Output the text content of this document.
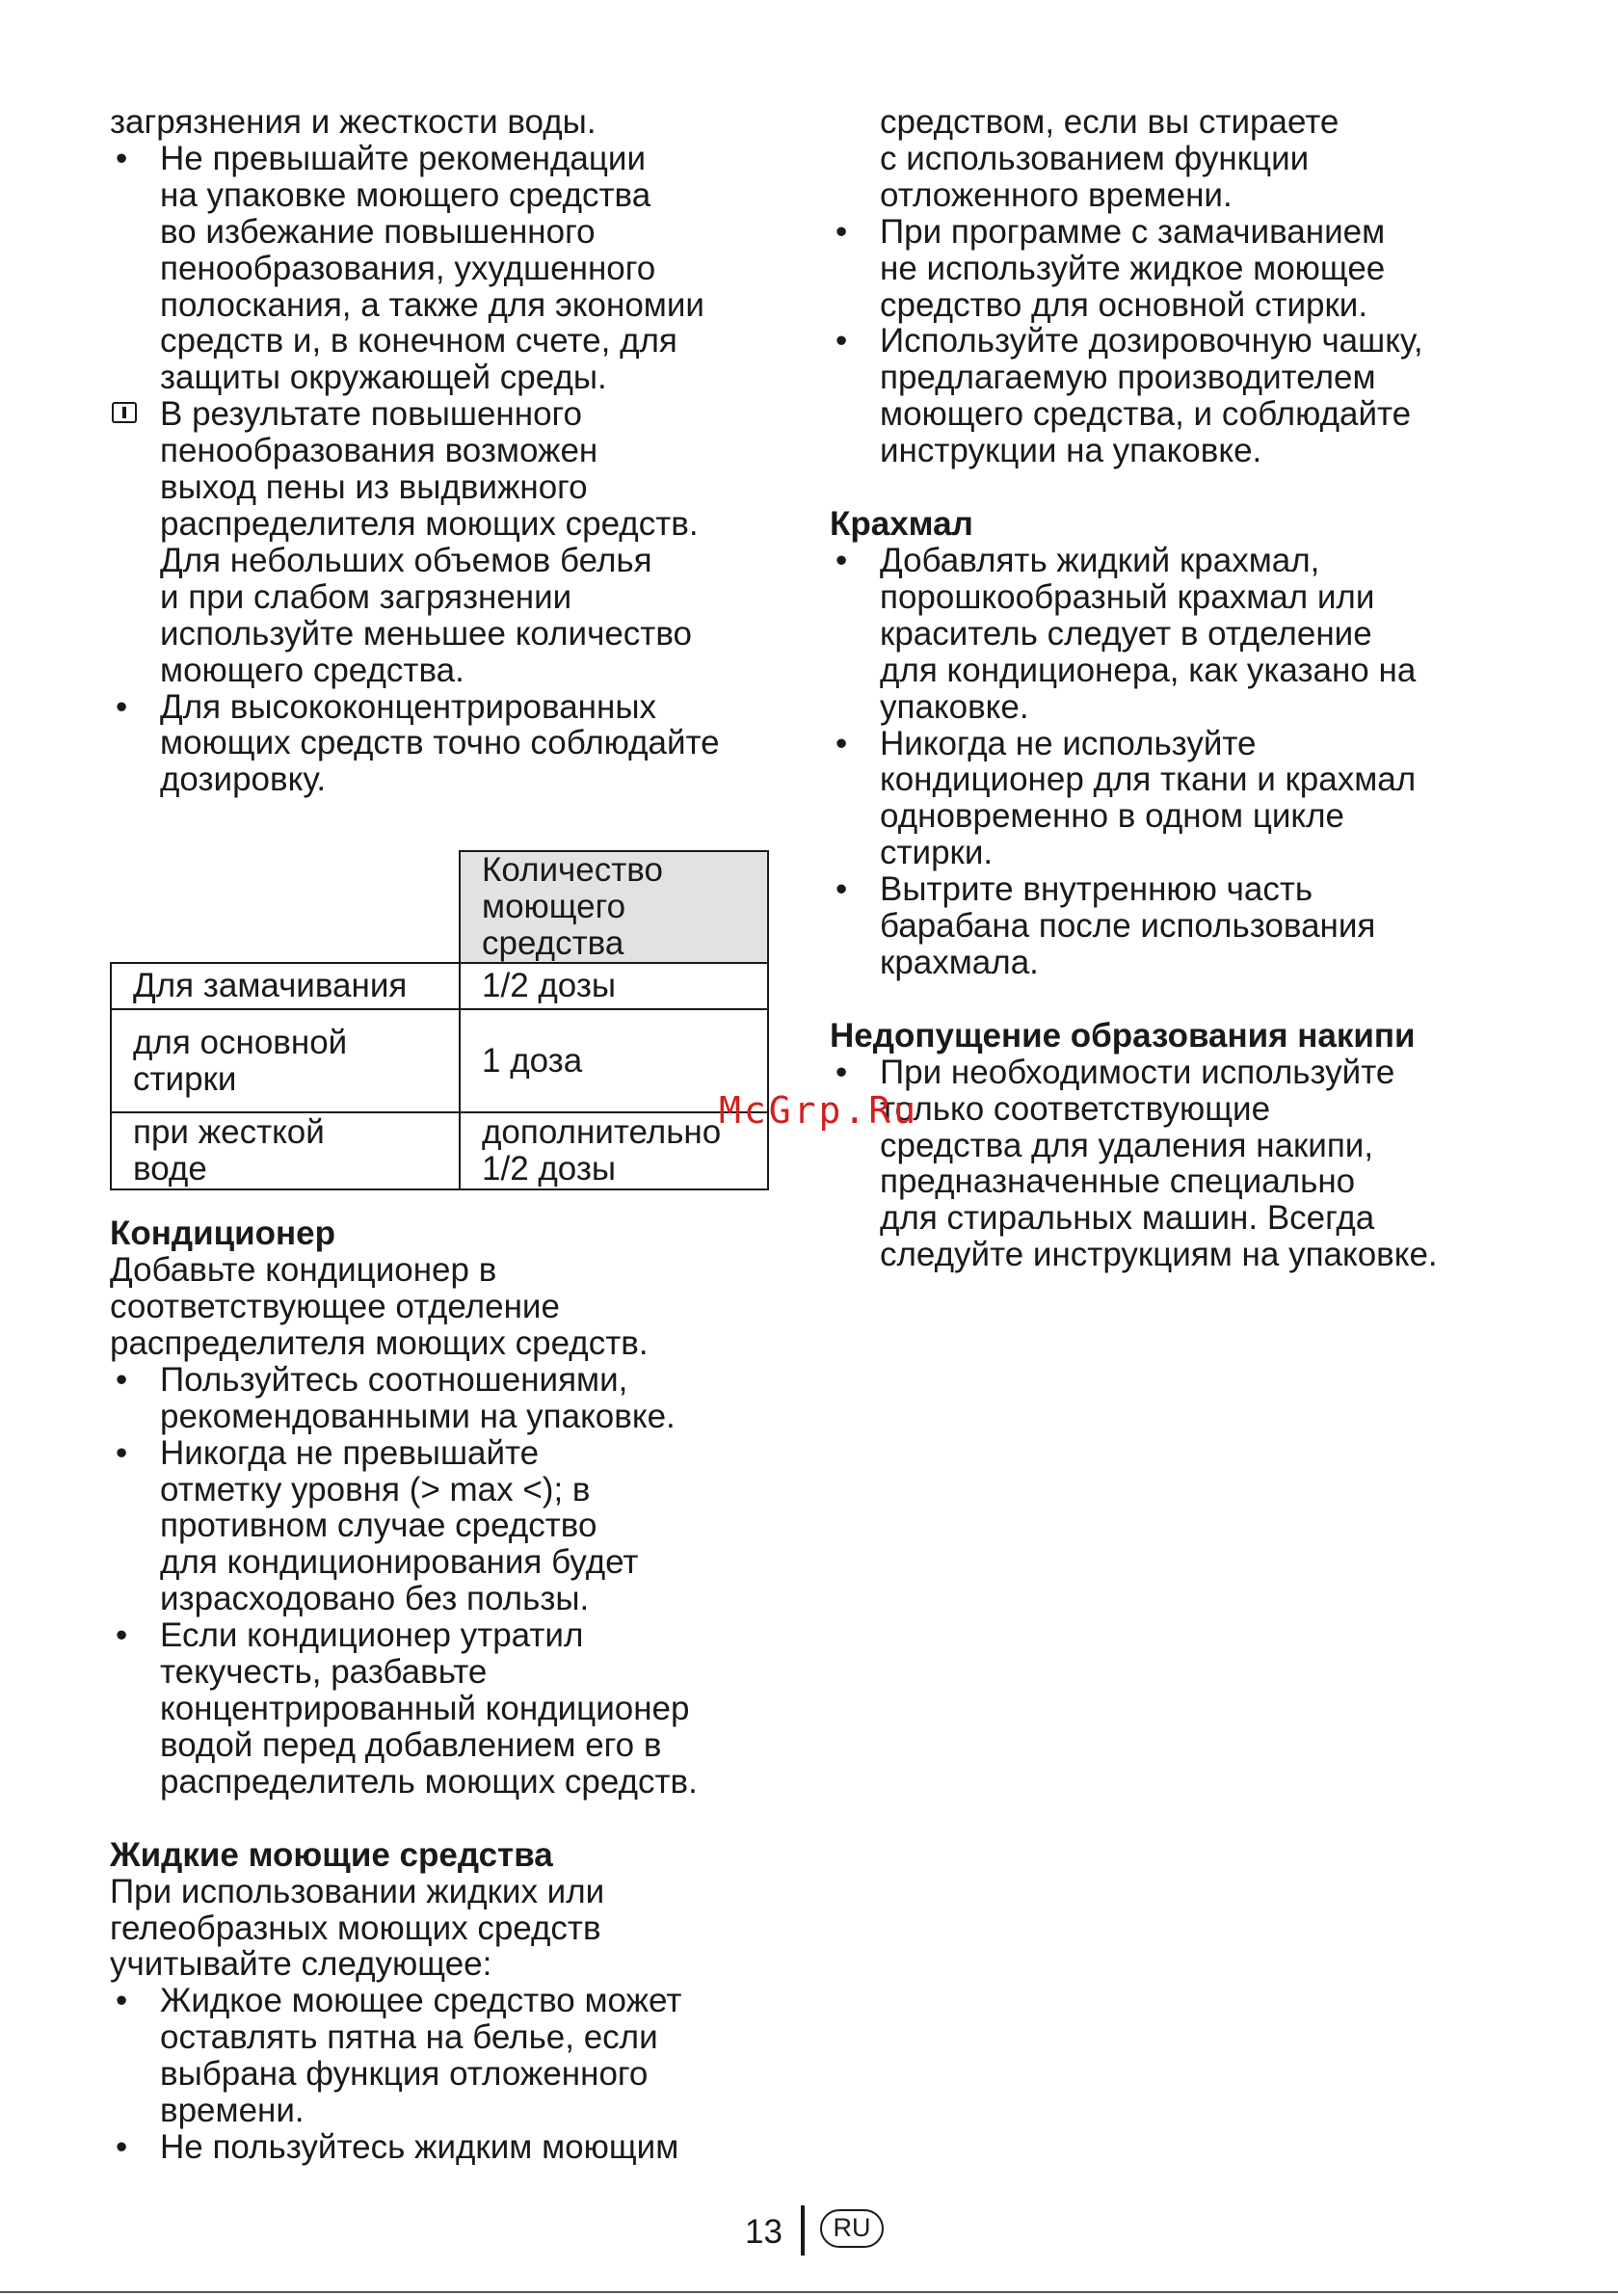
загрязнения и жесткости воды.
• Не превышайте рекомендации
на упаковке моющего средства
во избежание повышенного
пенообразования, ухудшенного
полоскания, а также для экономии
средств и, в конечном счете, для
защиты окружающей среды.
В результате повышенного
пенообразования возможен
выход пены из выдвижного
распределителя моющих средств.
Для небольших объемов белья
и при слабом загрязнении
используйте меньшее количество
моющего средства.
• Для высококонцентрированных
моющих средств точно соблюдайте
дозировку.

	Количество
моющего
средства

Для замачивания	1/2 дозы

для основной
стирки	1 доза

при жесткой
воде	дополнительно
1/2 дозы
Кондиционер
Добавьте кондиционер в
соответствующее отделение
распределителя моющих средств.
• Пользуйтесь соотношениями,
рекомендованными на упаковке.
• Никогда не превышайте
отметку уровня (> max <); в
противном случае средство
для кондиционирования будет
израсходовано без пользы.
• Если кондиционер утратил
текучесть, разбавьте
концентрированный кондиционер
водой перед добавлением его в
распределитель моющих средств.
Жидкие моющие средства
При использовании жидких или
гелеобразных моющих средств
учитывайте следующее:
• Жидкое моющее средство может
оставлять пятна на белье, если
выбрана функция отложенного
времени.
• Не пользуйтесь жидким моющим
средством, если вы стираете
с использованием функции
отложенного времени.
• При программе с замачиванием
не используйте жидкое моющее
средство для основной стирки.
• Используйте дозировочную чашку,
предлагаемую производителем
моющего средства, и соблюдайте
инструкции на упаковке.
Крахмал
• Добавлять жидкий крахмал,
порошкообразный крахмал или
краситель следует в отделение
для кондиционера, как указано на
упаковке.
• Никогда не используйте
кондиционер для ткани и крахмал
одновременно в одном цикле
стирки.
• Вытрите внутреннюю часть
барабана после использования
крахмала.
Недопущение образования накипи
• При необходимости используйте
только соответствующие
средства для удаления накипи,
предназначенные специально
для стиральных машин. Всегда
следуйте инструкциям на упаковке.
McGrp.Ru
13	RU
